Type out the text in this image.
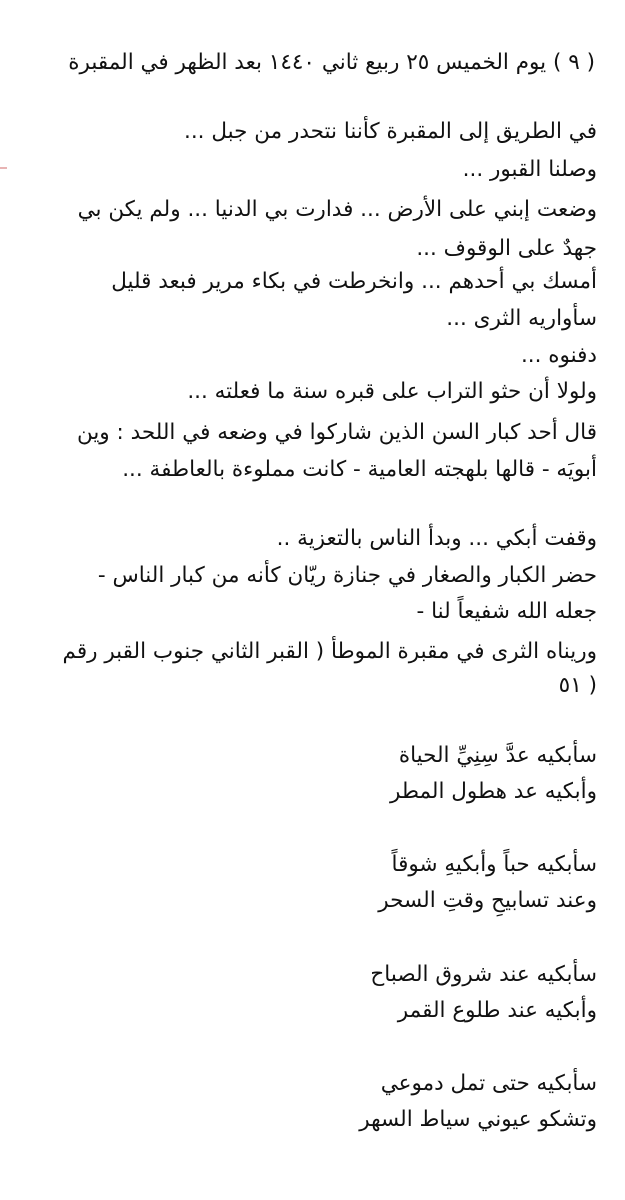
( ٩ ) يوم الخميس ٢٥ ربيع ثاني ١٤٤٠ بعد الظهر في المقبرة
في الطريق إلى المقبرة كأننا نتحدر من جبل ...
وصلنا القبور ...
وضعت إبني على الأرض ... فدارت بي الدنيا ... ولم يكن بي
جهدٌ على الوقوف ...
أمسك بي أحدهم ... وانخرطت في بكاء مرير فبعد قليل
سأواريه الثرى ...
دفنوه ...
ولولا أن حثو التراب على قبره سنة ما فعلته ...
قال أحد كبار السن الذين شاركوا في وضعه في اللحد : وين
أبويَه - قالها بلهجته العامية - كانت مملوءة بالعاطفة ...
وقفت أبكي ... وبدأ الناس بالتعزية ..
حضر الكبار والصغار في جنازة ريّان كأنه من كبار الناس -
جعله الله شفيعاً لنا -
وريناه الثرى في مقبرة الموطأ ( القبر الثاني جنوب القبر رقم
٥١ )
سأبكيه عدَّ سِنِيِّ الحياة
وأبكيه عد هطول المطر
سأبكيه حباً وأبكيهِ شوقاً
وعند تسابيحِ وقتِ السحر
سأبكيه عند شروق الصباح
وأبكيه عند طلوع القمر
سأبكيه حتى تمل دموعي
وتشكو عيوني سياط السهر
